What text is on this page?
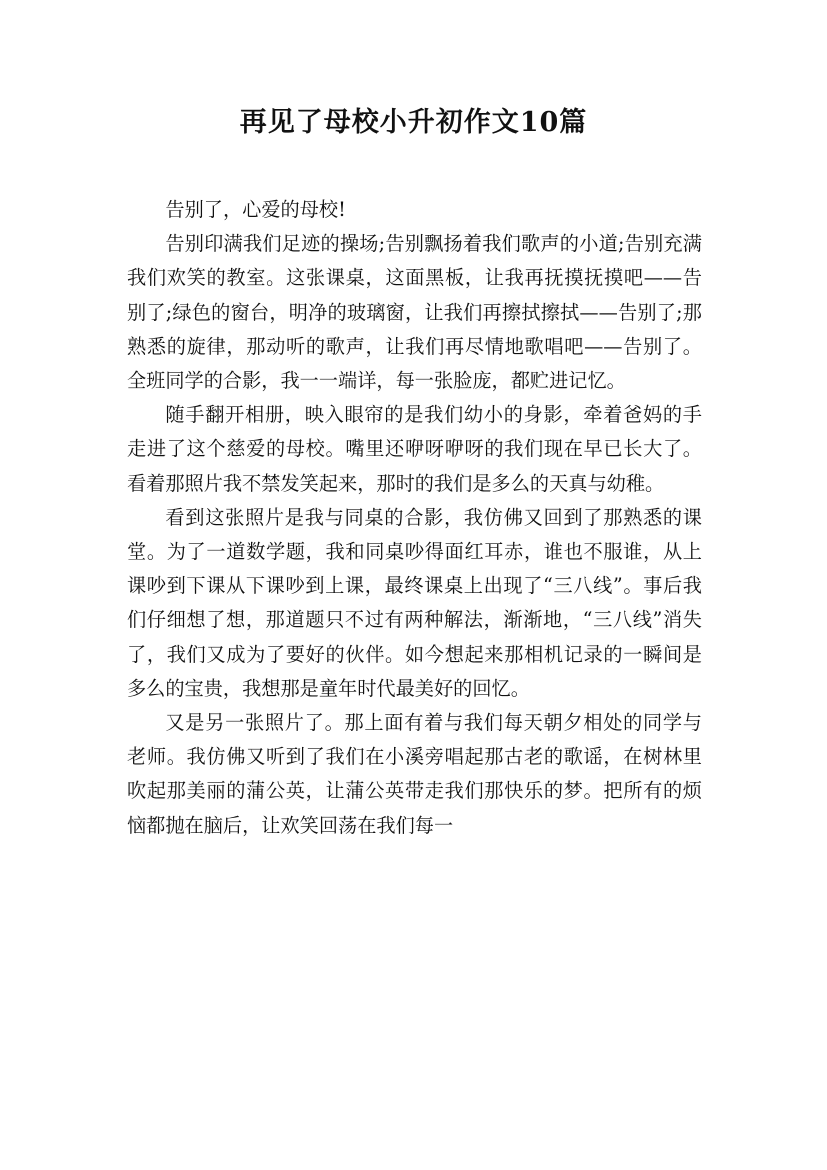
再见了母校小升初作文10篇

告别了，心爱的母校!

告别印满我们足迹的操场;告别飘扬着我们歌声的小道;告别充满我们欢笑的教室。这张课桌，这面黑板，让我再抚摸抚摸吧——告别了;绿色的窗台，明净的玻璃窗，让我们再擦拭擦拭——告别了;那熟悉的旋律，那动听的歌声，让我们再尽情地歌唱吧——告别了。全班同学的合影，我一一端详，每一张脸庞，都贮进记忆。

随手翻开相册，映入眼帘的是我们幼小的身影，牵着爸妈的手走进了这个慈爱的母校。嘴里还咿呀咿呀的我们现在早已长大了。看着那照片我不禁发笑起来，那时的我们是多么的天真与幼稚。

看到这张照片是我与同桌的合影，我仿佛又回到了那熟悉的课堂。为了一道数学题，我和同桌吵得面红耳赤，谁也不服谁，从上课吵到下课从下课吵到上课，最终课桌上出现了“三八线”。事后我们仔细想了想，那道题只不过有两种解法，渐渐地，“三八线”消失了，我们又成为了要好的伙伴。如今想起来那相机记录的一瞬间是多么的宝贵，我想那是童年时代最美好的回忆。

又是另一张照片了。那上面有着与我们每天朝夕相处的同学与老师。我仿佛又听到了我们在小溪旁唱起那古老的歌谣，在树林里吹起那美丽的蒲公英，让蒲公英带走我们那快乐的梦。把所有的烦恼都抛在脑后，让欢笑回荡在我们每一
